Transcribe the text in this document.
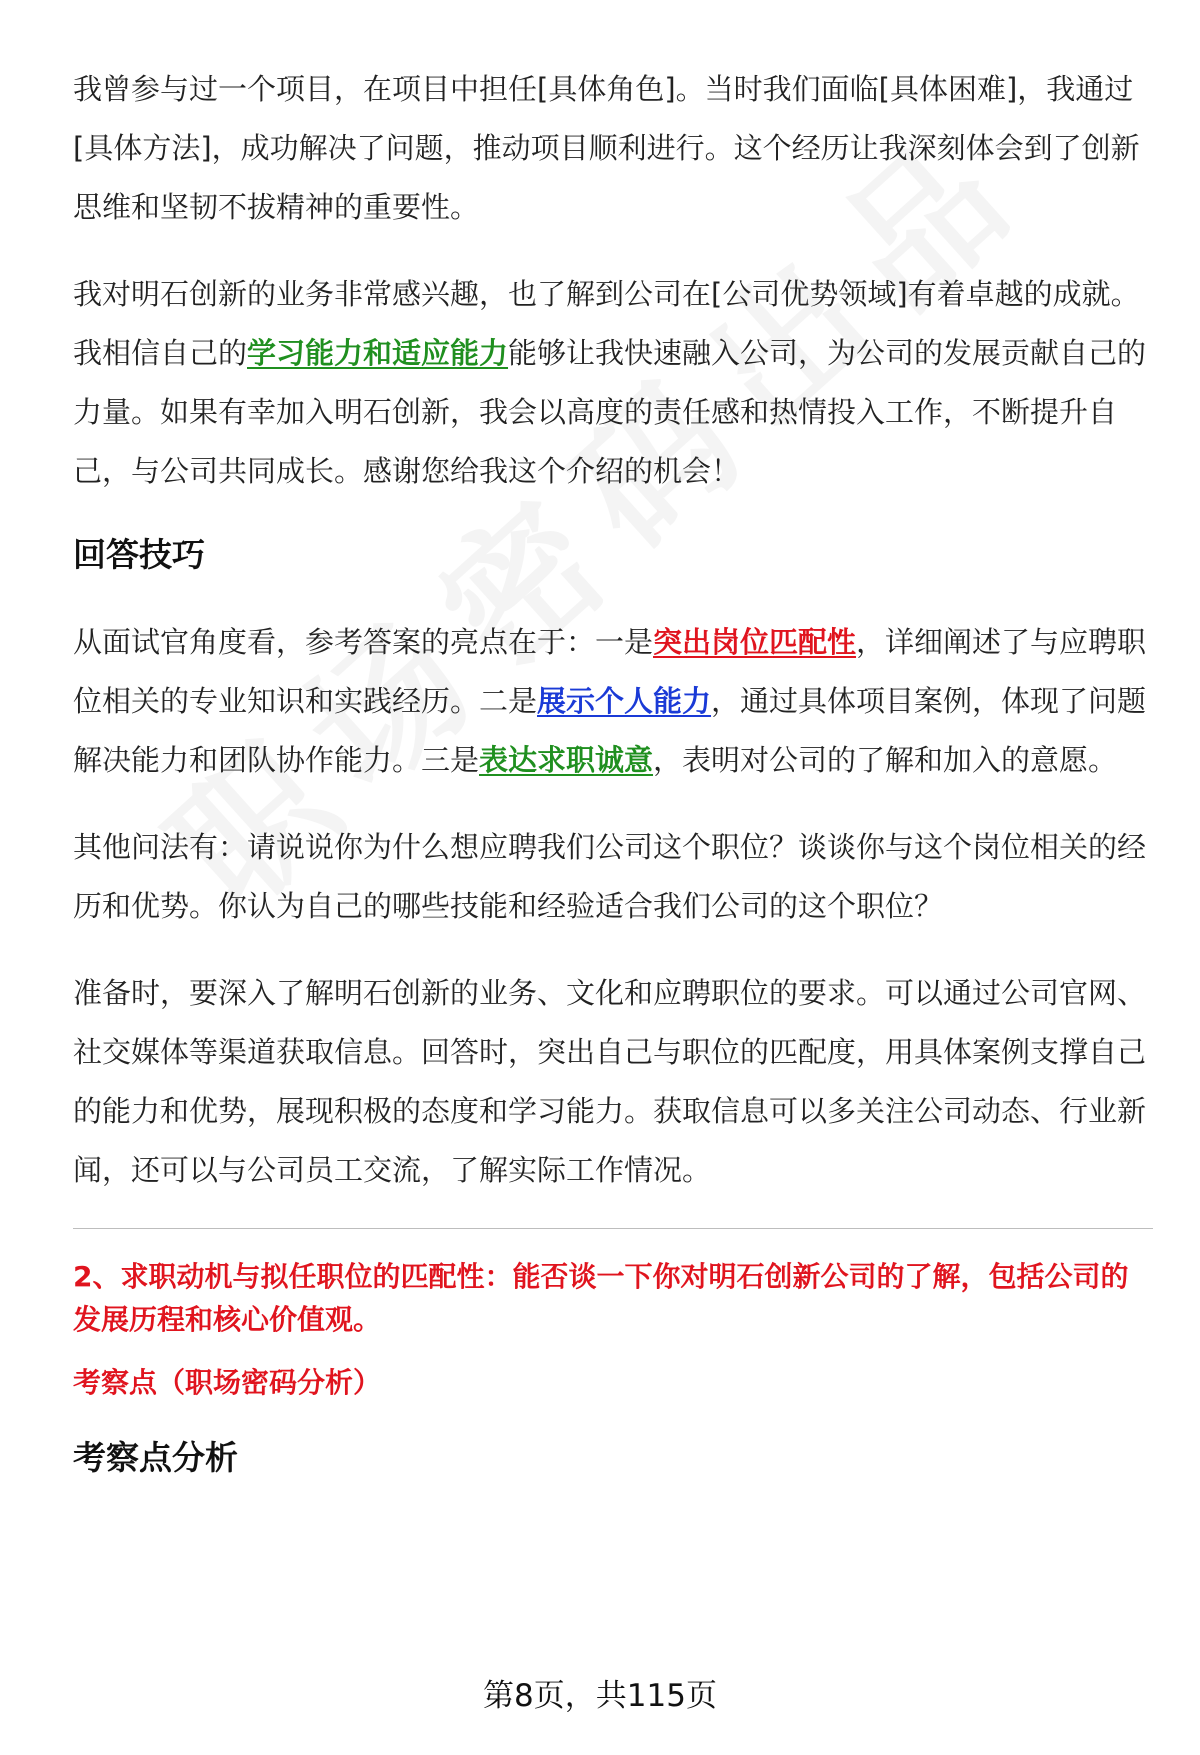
我曾参与过一个项目，在项目中担任[具体角色]。当时我们面临[具体困难]，我通过[具体方法]，成功解决了问题，推动项目顺利进行。这个经历让我深刻体会到了创新思维和坚韧不拔精神的重要性。

我对明石创新的业务非常感兴趣，也了解到公司在[公司优势领域]有着卓越的成就。我相信自己的学习能力和适应能力能够让我快速融入公司，为公司的发展贡献自己的力量。如果有幸加入明石创新，我会以高度的责任感和热情投入工作，不断提升自己，与公司共同成长。感谢您给我这个介绍的机会！

回答技巧

从面试官角度看，参考答案的亮点在于：一是突出岗位匹配性，详细阐述了与应聘职位相关的专业知识和实践经历。二是展示个人能力，通过具体项目案例，体现了问题解决能力和团队协作能力。三是表达求职诚意，表明对公司的了解和加入的意愿。

其他问法有：请说说你为什么想应聘我们公司这个职位？谈谈你与这个岗位相关的经历和优势。你认为自己的哪些技能和经验适合我们公司的这个职位？

准备时，要深入了解明石创新的业务、文化和应聘职位的要求。可以通过公司官网、社交媒体等渠道获取信息。回答时，突出自己与职位的匹配度，用具体案例支撑自己的能力和优势，展现积极的态度和学习能力。获取信息可以多关注公司动态、行业新闻，还可以与公司员工交流，了解实际工作情况。

2、求职动机与拟任职位的匹配性：能否谈一下你对明石创新公司的了解，包括公司的发展历程和核心价值观。
考察点（职场密码分析）
考察点分析
第8页，共115页
